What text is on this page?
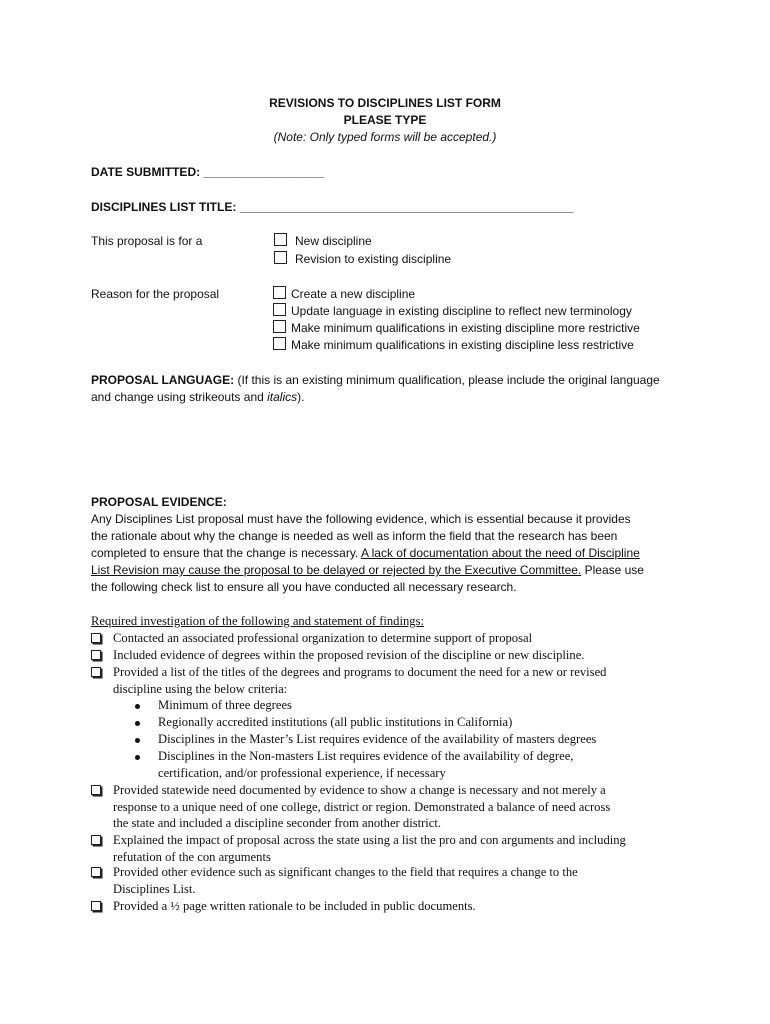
REVISIONS TO DISCIPLINES LIST FORM
PLEASE TYPE
(Note: Only typed forms will be accepted.)
DATE SUBMITTED: __________________
DISCIPLINES LIST TITLE: __________________________________________________
This proposal is for a	New discipline
Revision to existing discipline
Reason for the proposal	Create a new discipline
Update language in existing discipline to reflect new terminology
Make minimum qualifications in existing discipline more restrictive
Make minimum qualifications in existing discipline less restrictive

PROPOSAL LANGUAGE: (If this is an existing minimum qualification, please include the original language

and change using strikeouts and italics).

PROPOSAL EVIDENCE:

Any Disciplines List proposal must have the following evidence, which is essential because it provides

the rationale about why the change is needed as well as inform the field that the research has been

completed to ensure that the change is necessary. A lack of documentation about the need of Discipline

List Revision may cause the proposal to be delayed or rejected by the Executive Committee. Please use

the following check list to ensure all you have conducted all necessary research.

Required investigation of the following and statement of findings:

Contacted an associated professional organization to determine support of proposal

Included evidence of degrees within the proposed revision of the discipline or new discipline.

Provided a list of the titles of the degrees and programs to document the need for a new or revised

discipline using the below criteria:

Minimum of three degrees
Regionally accredited institutions (all public institutions in California)
Disciplines in the Master’s List requires evidence of the availability of masters degrees

Disciplines in the Non-masters List requires evidence of the availability of degree,

certification, and/or professional experience, if necessary

Provided statewide need documented by evidence to show a change is necessary and not merely a

response to a unique need of one college, district or region. Demonstrated a balance of need across

the state and included a discipline seconder from another district.

Explained the impact of proposal across the state using a list the pro and con arguments and including

refutation of the con arguments

Provided other evidence such as significant changes to the field that requires a change to the

Disciplines List.

Provided a ½ page written rationale to be included in public documents.
